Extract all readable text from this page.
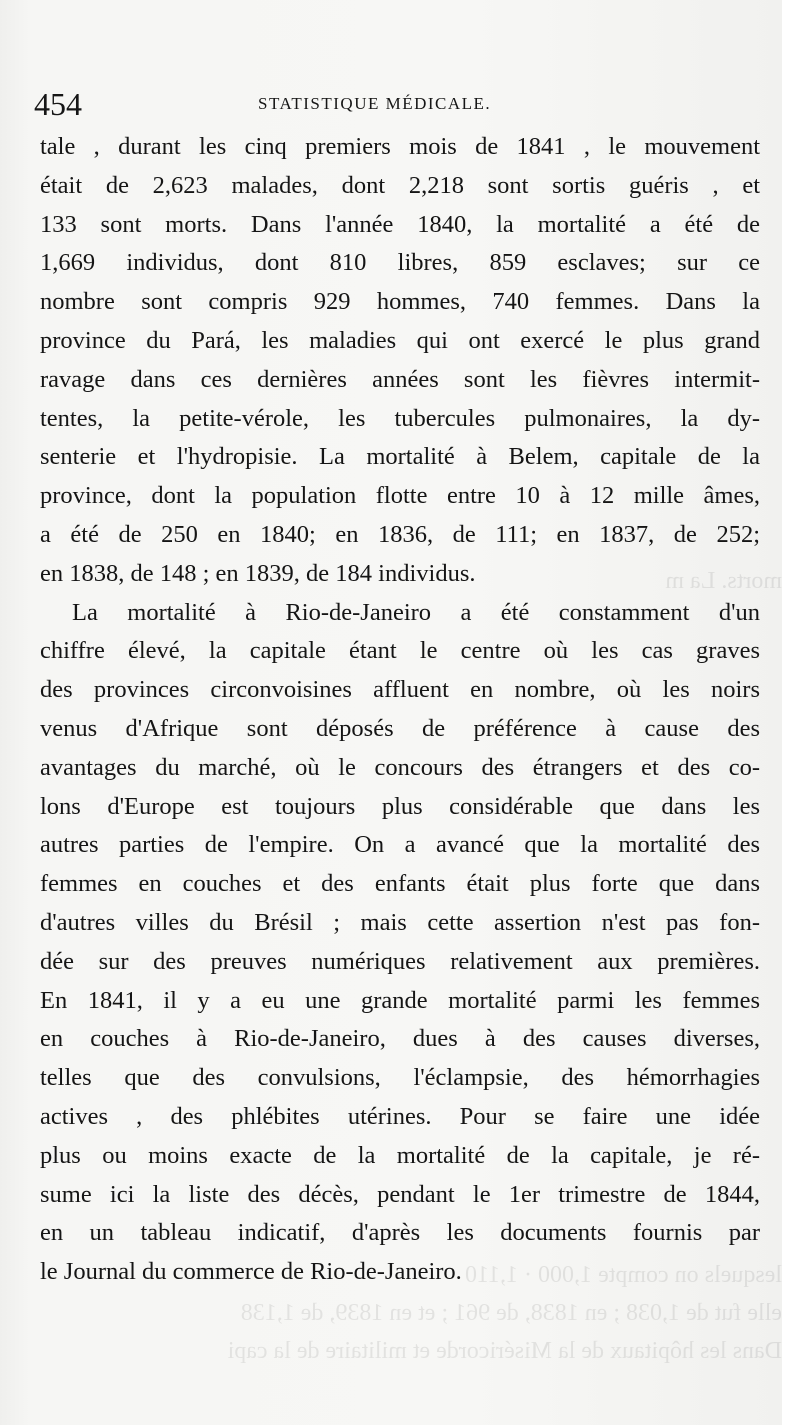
morts. La m
lesquels on compte 1,000 · 1,110
elle fut de 1,038 ; en 1838, de 961 ; et en 1839, de 1,138
Dans les hôpitaux de la Miséricorde et militaire de la capi
454	STATISTIQUE MÉDICALE.
tale , durant les cinq premiers mois de 1841 , le mouvement
était de 2,623 malades, dont 2,218 sont sortis guéris , et
133 sont morts. Dans l'année 1840, la mortalité a été de
1,669 individus, dont 810 libres, 859 esclaves; sur ce
nombre sont compris 929 hommes, 740 femmes. Dans la
province du Pará, les maladies qui ont exercé le plus grand
ravage dans ces dernières années sont les fièvres intermit-
tentes, la petite-vérole, les tubercules pulmonaires, la dy-
senterie et l'hydropisie. La mortalité à Belem, capitale de la
province, dont la population flotte entre 10 à 12 mille âmes,
a été de 250 en 1840; en 1836, de 111; en 1837, de 252;
en 1838, de 148 ; en 1839, de 184 individus.
La mortalité à Rio-de-Janeiro a été constamment d'un
chiffre élevé, la capitale étant le centre où les cas graves
des provinces circonvoisines affluent en nombre, où les noirs
venus d'Afrique sont déposés de préférence à cause des
avantages du marché, où le concours des étrangers et des co-
lons d'Europe est toujours plus considérable que dans les
autres parties de l'empire. On a avancé que la mortalité des
femmes en couches et des enfants était plus forte que dans
d'autres villes du Brésil ; mais cette assertion n'est pas fon-
dée sur des preuves numériques relativement aux premières.
En 1841, il y a eu une grande mortalité parmi les femmes
en couches à Rio-de-Janeiro, dues à des causes diverses,
telles que des convulsions, l'éclampsie, des hémorrhagies
actives , des phlébites utérines. Pour se faire une idée
plus ou moins exacte de la mortalité de la capitale, je ré-
sume ici la liste des décès, pendant le 1er trimestre de 1844,
en un tableau indicatif, d'après les documents fournis par
le Journal du commerce de Rio-de-Janeiro.
